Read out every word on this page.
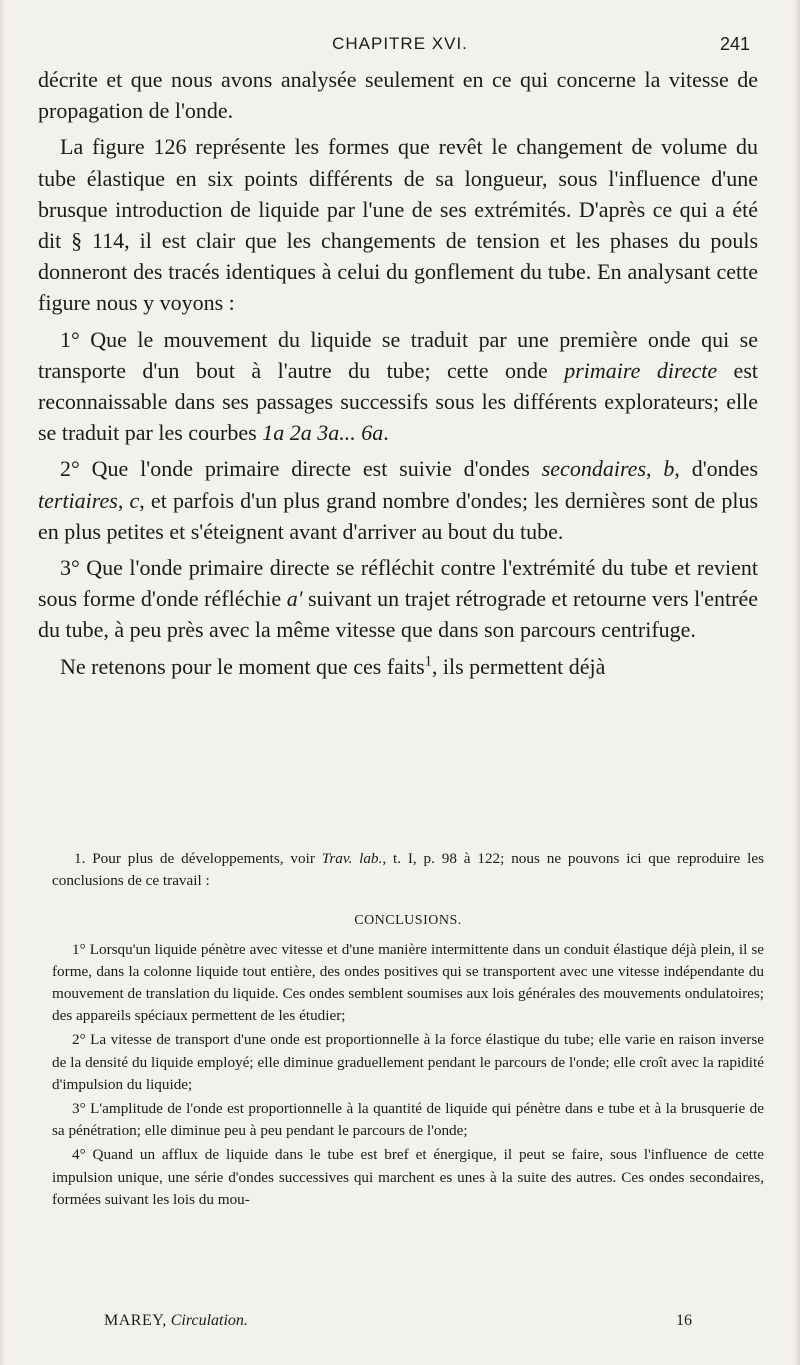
CHAPITRE XVI.	241

décrite et que nous avons analysée seulement en ce qui concerne la vitesse de propagation de l'onde.

La figure 126 représente les formes que revêt le changement de volume du tube élastique en six points différents de sa longueur, sous l'influence d'une brusque introduction de liquide par l'une de ses extrémités. D'après ce qui a été dit § 114, il est clair que les changements de tension et les phases du pouls donneront des tracés identiques à celui du gonflement du tube. En analysant cette figure nous y voyons :

1° Que le mouvement du liquide se traduit par une première onde qui se transporte d'un bout à l'autre du tube; cette onde primaire directe est reconnaissable dans ses passages successifs sous les différents explorateurs; elle se traduit par les courbes 1a 2a 3a... 6a.

2° Que l'onde primaire directe est suivie d'ondes secondaires, b, d'ondes tertiaires, c, et parfois d'un plus grand nombre d'ondes; les dernières sont de plus en plus petites et s'éteignent avant d'arriver au bout du tube.

3° Que l'onde primaire directe se réfléchit contre l'extrémité du tube et revient sous forme d'onde réfléchie a' suivant un trajet rétrograde et retourne vers l'entrée du tube, à peu près avec la même vitesse que dans son parcours centrifuge.

Ne retenons pour le moment que ces faits$^1$, ils permettent déjà

1. Pour plus de développements, voir Trav. lab., t. I, p. 98 à 122; nous ne pouvons ici que reproduire les conclusions de ce travail :

CONCLUSIONS.

1° Lorsqu'un liquide pénètre avec vitesse et d'une manière intermittente dans un conduit élastique déjà plein, il se forme, dans la colonne liquide tout entière, des ondes positives qui se transportent avec une vitesse indépendante du mouvement de translation du liquide. Ces ondes semblent soumises aux lois générales des mouvements ondulatoires; des appareils spéciaux permettent de les étudier;

2° La vitesse de transport d'une onde est proportionnelle à la force élastique du tube; elle varie en raison inverse de la densité du liquide employé; elle diminue graduellement pendant le parcours de l'onde; elle croît avec la rapidité d'impulsion du liquide;

3° L'amplitude de l'onde est proportionnelle à la quantité de liquide qui pénètre dans e tube et à la brusquerie de sa pénétration; elle diminue peu à peu pendant le parcours de l'onde;

4° Quand un afflux de liquide dans le tube est bref et énergique, il peut se faire, sous l'influence de cette impulsion unique, une série d'ondes successives qui marchent es unes à la suite des autres. Ces ondes secondaires, formées suivant les lois du mou-

MAREY, Circulation.	16
